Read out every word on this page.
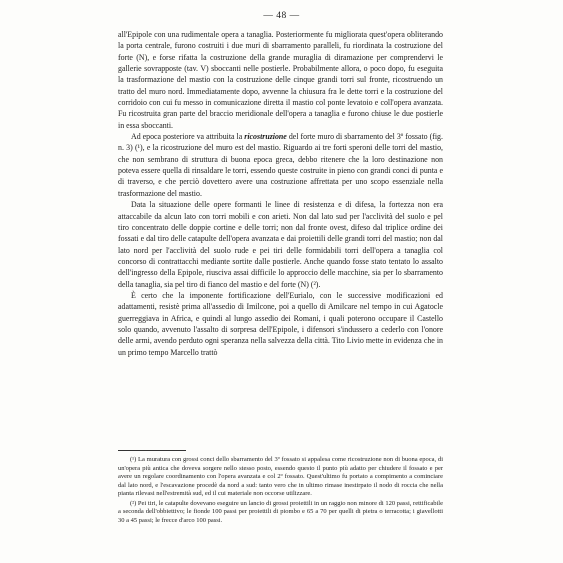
— 48 —

all'Epipole con una rudimentale opera a tanaglia. Posteriormente fu migliorata quest'opera obliterando la porta centrale, furono costruiti i due muri di sbarramento paralleli, fu riordinata la costruzione del forte (N), e forse rifatta la costruzione della grande muraglia di diramazione per comprendervi le gallerie sovrapposte (tav. V) sboccanti nelle postierle. Probabilmente allora, o poco dopo, fu eseguita la trasformazione del mastio con la costruzione delle cinque grandi torri sul fronte, ricostruendo un tratto del muro nord. Immediatamente dopo, avvenne la chiusura fra le dette torri e la costruzione del corridoio con cui fu messo in comunicazione diretta il mastio col ponte levatoio e coll'opera avanzata. Fu ricostruita gran parte del braccio meridionale dell'opera a tanaglia e furono chiuse le due postierle in essa sboccanti.

Ad epoca posteriore va attribuita la ricostruzione del forte muro di sbarramento del 3º fossato (fig. n. 3) (¹), e la ricostruzione del muro est del mastio. Riguardo ai tre forti speroni delle torri del mastio, che non sembrano di struttura di buona epoca greca, debbo ritenere che la loro destinazione non poteva essere quella di rinsaldare le torri, essendo queste costruite in pieno con grandi conci di punta e di traverso, e che perciò dovettero avere una costruzione affrettata per uno scopo essenziale nella trasformazione del mastio.

Data la situazione delle opere formanti le linee di resistenza e di difesa, la fortezza non era attaccabile da alcun lato con torri mobili e con arieti. Non dal lato sud per l'acclività del suolo e pel tiro concentrato delle doppie cortine e delle torri; non dal fronte ovest, difeso dal triplice ordine dei fossati e dal tiro delle catapulte dell'opera avanzata e dai proiettili delle grandi torri del mastio; non dal lato nord per l'acclività del suolo rude e pei tiri delle formidabili torri dell'opera a tanaglia col concorso di contrattacchi mediante sortite dalle postierle. Anche quando fosse stato tentato lo assalto dell'ingresso della Epipole, riusciva assai difficile lo approccio delle macchine, sia per lo sbarramento della tanaglia, sia pel tiro di fianco del mastio e del forte (N) (²).

È certo che la imponente fortificazione dell'Eurialo, con le successive modificazioni ed adattamenti, resistè prima all'assedio di Imilcone, poi a quello di Amilcare nel tempo in cui Agatocle guerreggiava in Africa, e quindi al lungo assedio dei Romani, i quali poterono occupare il Castello solo quando, avvenuto l'assalto di sorpresa dell'Epipole, i difensori s'indussero a cederlo con l'onore delle armi, avendo perduto ogni speranza nella salvezza della città. Tito Livio mette in evidenza che in un primo tempo Marcello trattò

(¹) La muratura con grossi conci dello sbarramento del 3º fossato si appalesa come ricostruzione non di buona epoca, di un'opera più antica che doveva sorgere nello stesso posto, essendo questo il punto più adatto per chiudere il fossato e per avere un regolare coordinamento con l'opera avanzata e col 2º fossato. Quest'ultimo fu portato a compimento a cominciare dal lato nord, e l'escavazione procedè da nord a sud: tanto vero che in ultimo rimase inestirpato il nodo di roccia che nella pianta rilevasi nell'estremità sud, ed il cui materiale non occorse utilizzare.

(²) Pei tiri, le catapulte dovevano eseguire un lancio di grossi proiettili in un raggio non minore di 120 passi, rettificabile a seconda dell'obbiettivo; le fionde 100 passi per proiettili di piombo e 65 a 70 per quelli di pietra o terracotta; i giavellotti 30 a 45 passi; le frecce d'arco 100 passi.
